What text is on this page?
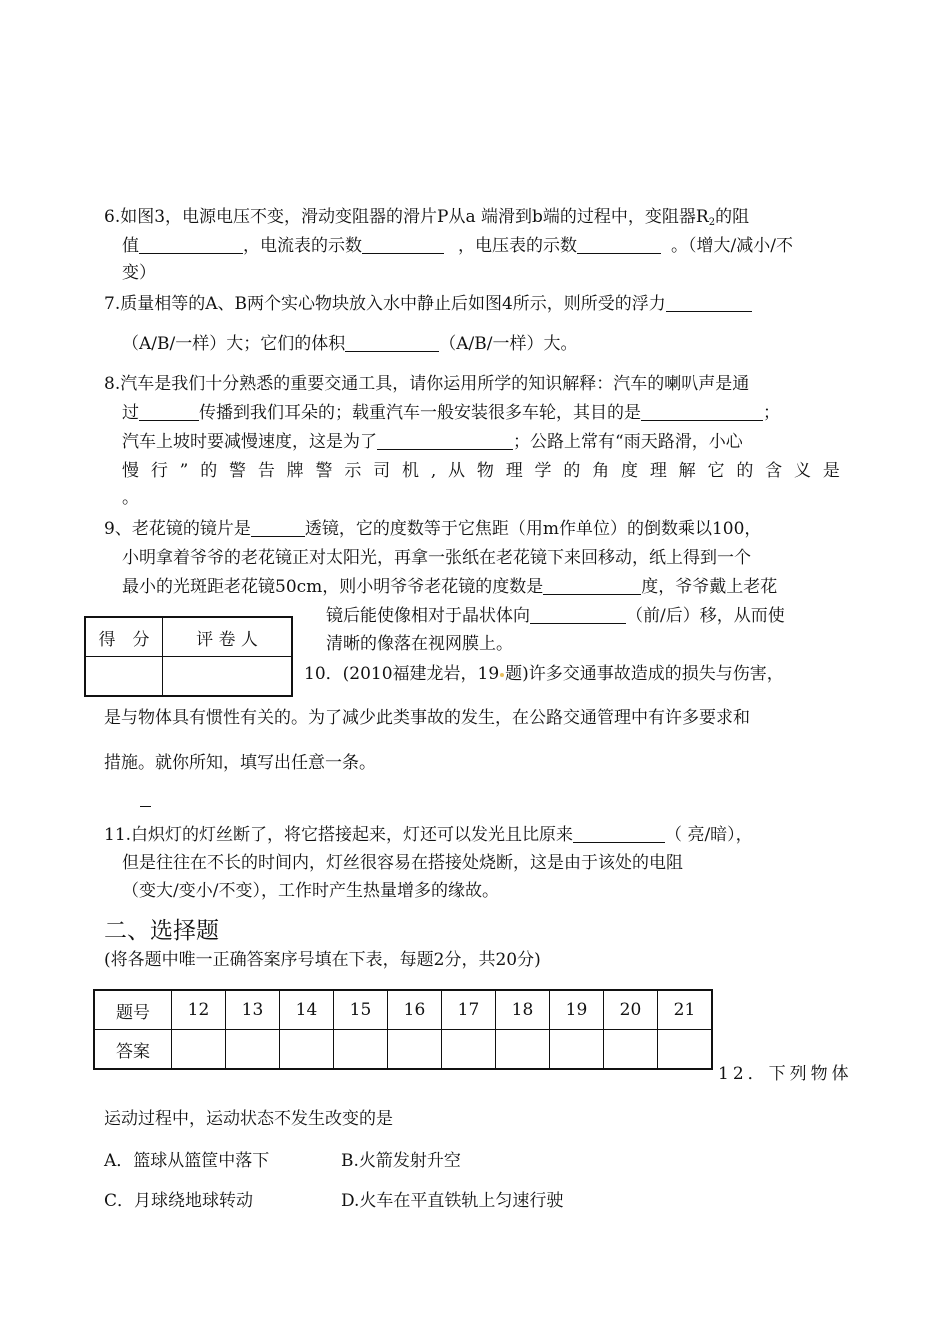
6.如图3，电源电压不变，滑动变阻器的滑片P从a 端滑到b端的过程中，变阻器$R_2$的阻
值	，电流表的示数	，电压表的示数	。（增大/减小/不
变）
7.质量相等的A、B两个实心物块放入水中静止后如图4所示，则所受的浮力
（A/B/一样）大；它们的体积	（A/B/一样）大。
8.汽车是我们十分熟悉的重要交通工具，请你运用所学的知识解释：汽车的喇叭声是通
过	传播到我们耳朵的；载重汽车一般安装很多车轮，其目的是	；
汽车上坡时要减慢速度，这是为了	；公路上常有“雨天路滑，小心
慢 行 ” 的 警 告 牌 警 示 司 机 , 从 物 理 学 的 角 度 理 解 它 的 含 义 是
。
9、老花镜的镜片是	透镜，它的度数等于它焦距（用m作单位）的倒数乘以100，
小明拿着爷爷的老花镜正对太阳光，再拿一张纸在老花镜下来回移动，纸上得到一个
最小的光斑距老花镜50cm，则小明爷爷老花镜的度数是	度，爷爷戴上老花
镜后能使像相对于晶状体向	（前/后）移，从而使
清晰的像落在视网膜上。
得　分	评 卷 人

10．(2010福建龙岩，19 题)许多交通事故造成的损失与伤害，
是与物体具有惯性有关的。为了减少此类事故的发生，在公路交通管理中有许多要求和
措施。就你所知，填写出任意一条。
11.白炽灯的灯丝断了，将它搭接起来，灯还可以发光且比原来	（ 亮/暗），
但是往往在不长的时间内，灯丝很容易在搭接处烧断，这是由于该处的电阻
（变大/变小/不变），工作时产生热量增多的缘故。
二、选择题
(将各题中唯一正确答案序号填在下表，每题2分，共20分)
题号	12	13	14	15	16	17	18	19	20	21
答案										
12．下列物体
运动过程中，运动状态不发生改变的是
A．篮球从篮筐中落下	B.火箭发射升空
C．月球绕地球转动	D.火车在平直铁轨上匀速行驶
